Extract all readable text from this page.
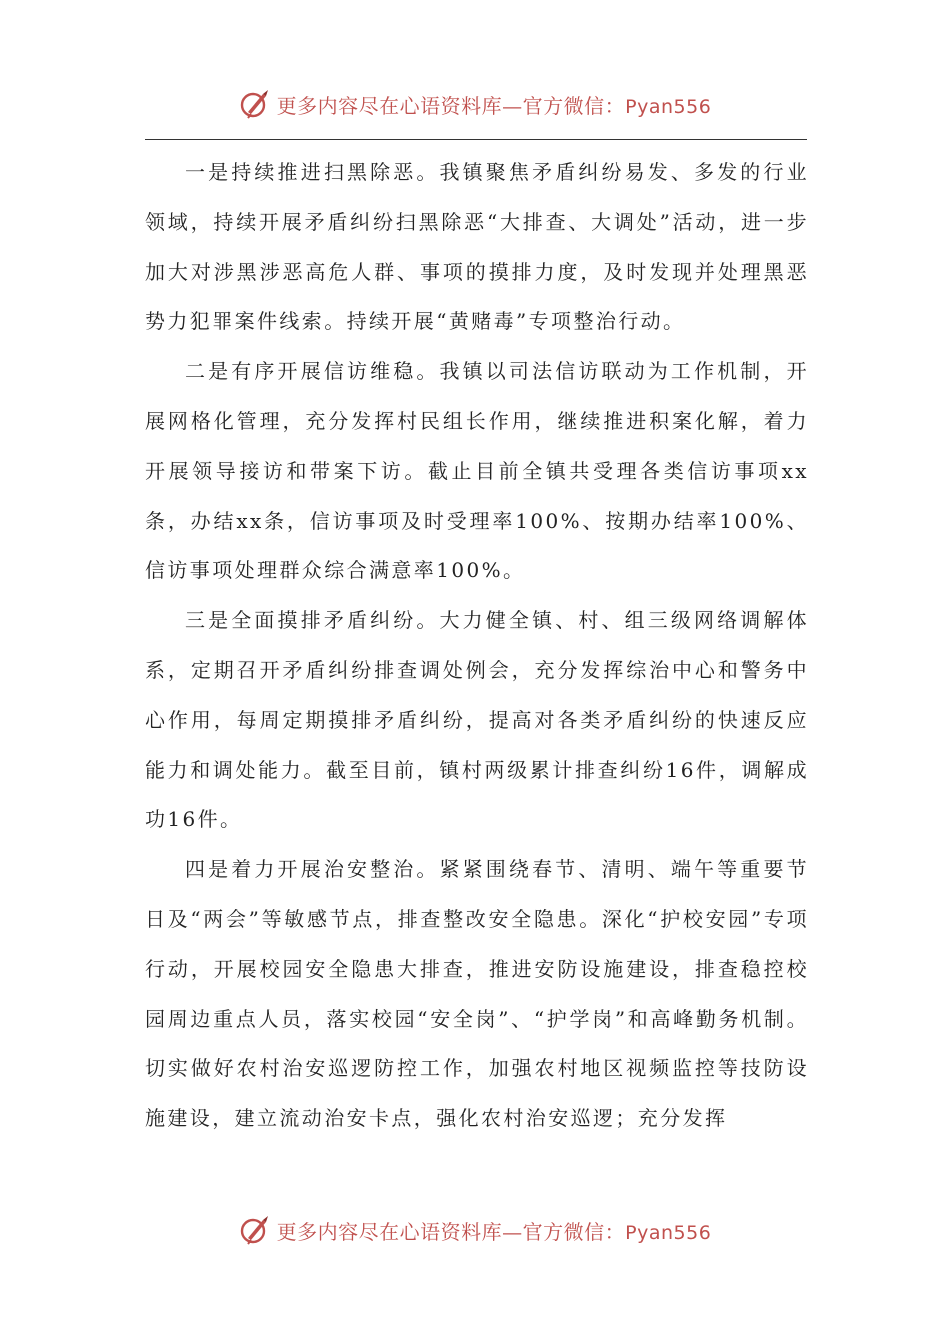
更多内容尽在心语资料库—官方微信：Pyan556

一是持续推进扫黑除恶。我镇聚焦矛盾纠纷易发、多发的行业领域，持续开展矛盾纠纷扫黑除恶“大排查、大调处”活动，进一步加大对涉黑涉恶高危人群、事项的摸排力度，及时发现并处理黑恶势力犯罪案件线索。持续开展“黄赌毒”专项整治行动。

二是有序开展信访维稳。我镇以司法信访联动为工作机制，开展网格化管理，充分发挥村民组长作用，继续推进积案化解，着力开展领导接访和带案下访。截止目前全镇共受理各类信访事项xx条，办结xx条，信访事项及时受理率100%、按期办结率100%、信访事项处理群众综合满意率100%。

三是全面摸排矛盾纠纷。大力健全镇、村、组三级网络调解体系，定期召开矛盾纠纷排查调处例会，充分发挥综治中心和警务中心作用，每周定期摸排矛盾纠纷，提高对各类矛盾纠纷的快速反应能力和调处能力。截至目前，镇村两级累计排查纠纷16件，调解成功16件。

四是着力开展治安整治。紧紧围绕春节、清明、端午等重要节日及“两会”等敏感节点，排查整改安全隐患。深化“护校安园”专项行动，开展校园安全隐患大排查，推进安防设施建设，排查稳控校园周边重点人员，落实校园“安全岗”、“护学岗”和高峰勤务机制。切实做好农村治安巡逻防控工作，加强农村地区视频监控等技防设施建设，建立流动治安卡点，强化农村治安巡逻；充分发挥

更多内容尽在心语资料库—官方微信：Pyan556
